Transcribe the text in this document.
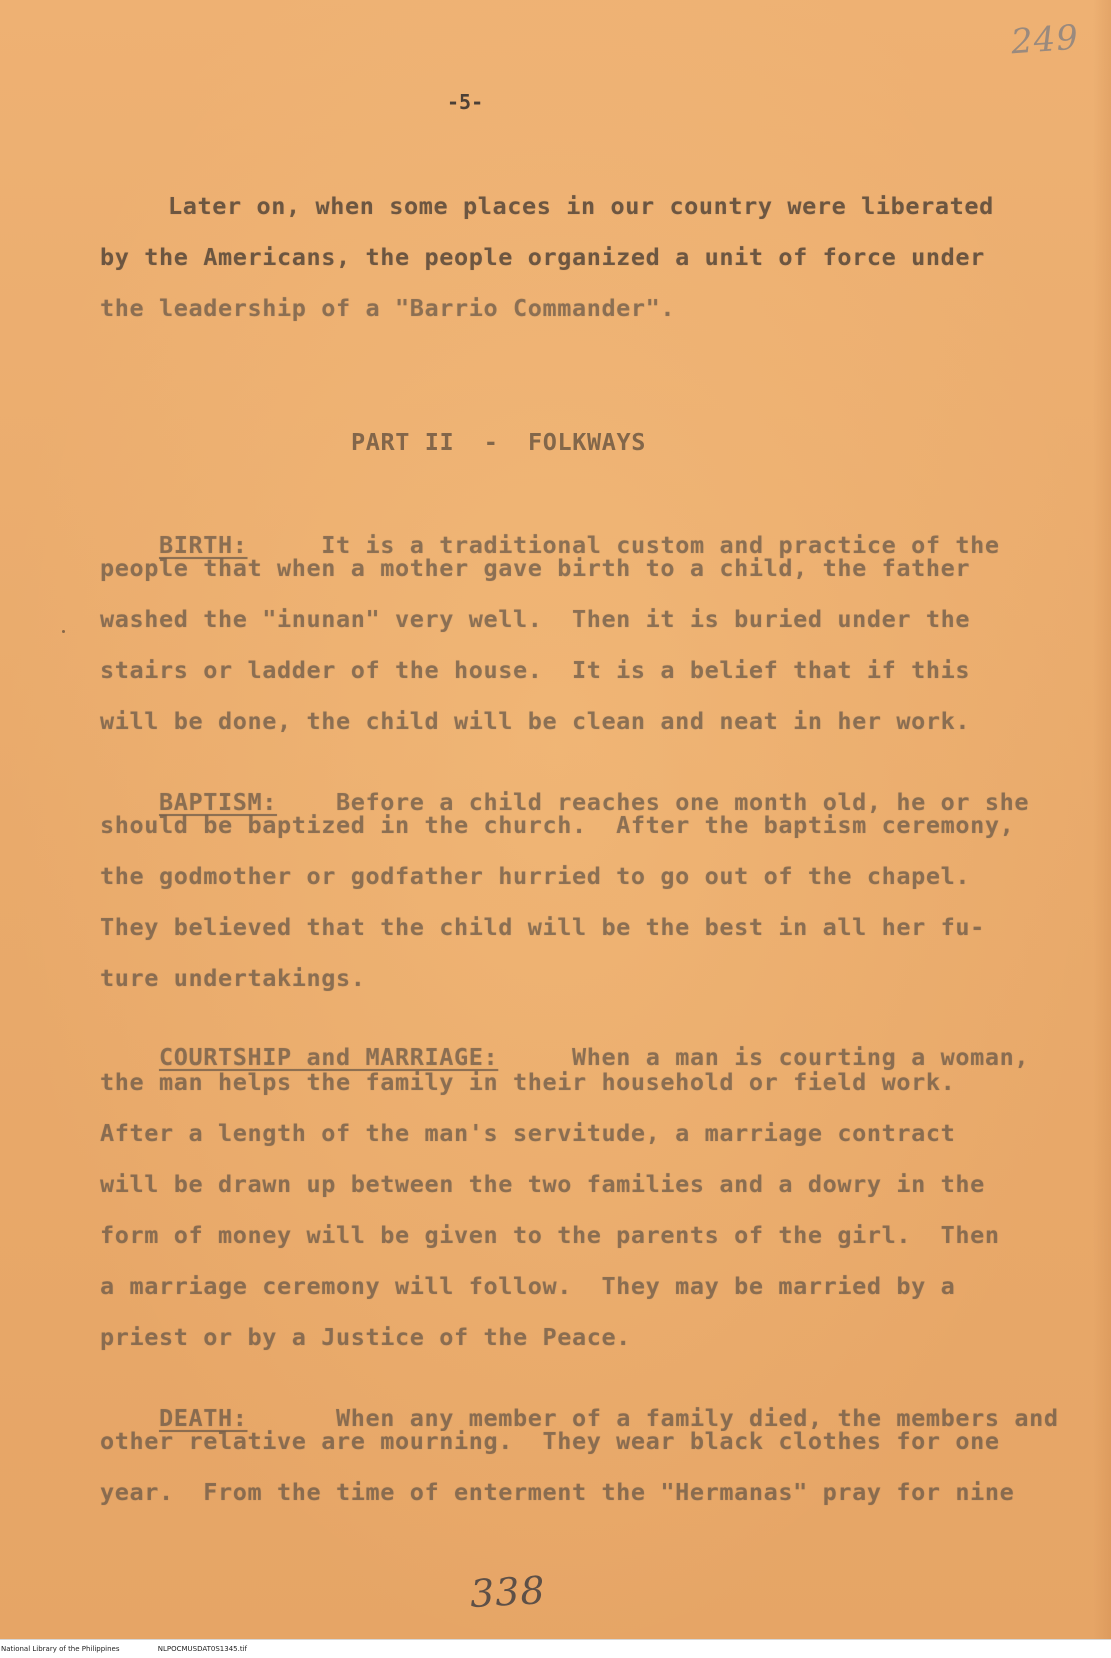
249
-5-
Later on, when some places in our country were liberated
by the Americans, the people organized a unit of force under
the leadership of a "Barrio Commander".
PART II  -  FOLKWAYS

BIRTH:	It is a traditional custom and practice of the

people that when a mother gave birth to a child, the father
washed the "inunan" very well.  Then it is buried under the
stairs or ladder of the house.  It is a belief that if this
will be done, the child will be clean and neat in her work.

BAPTISM:	Before a child reaches one month old, he or she

should be baptized in the church.  After the baptism ceremony,
the godmother or godfather hurried to go out of the chapel.
They believed that the child will be the best in all her fu-
ture undertakings.

COURTSHIP and MARRIAGE:	When a man is courting a woman,

the man helps the family in their household or field work.
After a length of the man's servitude, a marriage contract
will be drawn up between the two families and a dowry in the
form of money will be given to the parents of the girl.  Then
a marriage ceremony will follow.  They may be married by a
priest or by a Justice of the Peace.

DEATH:	When any member of a family died, the members and

other relative are mourning.  They wear black clothes for one
year.  From the time of enterment the "Hermanas" pray for nine
338
National Library of the Philippines	NLPOCMUSDAT0S1345.tif
